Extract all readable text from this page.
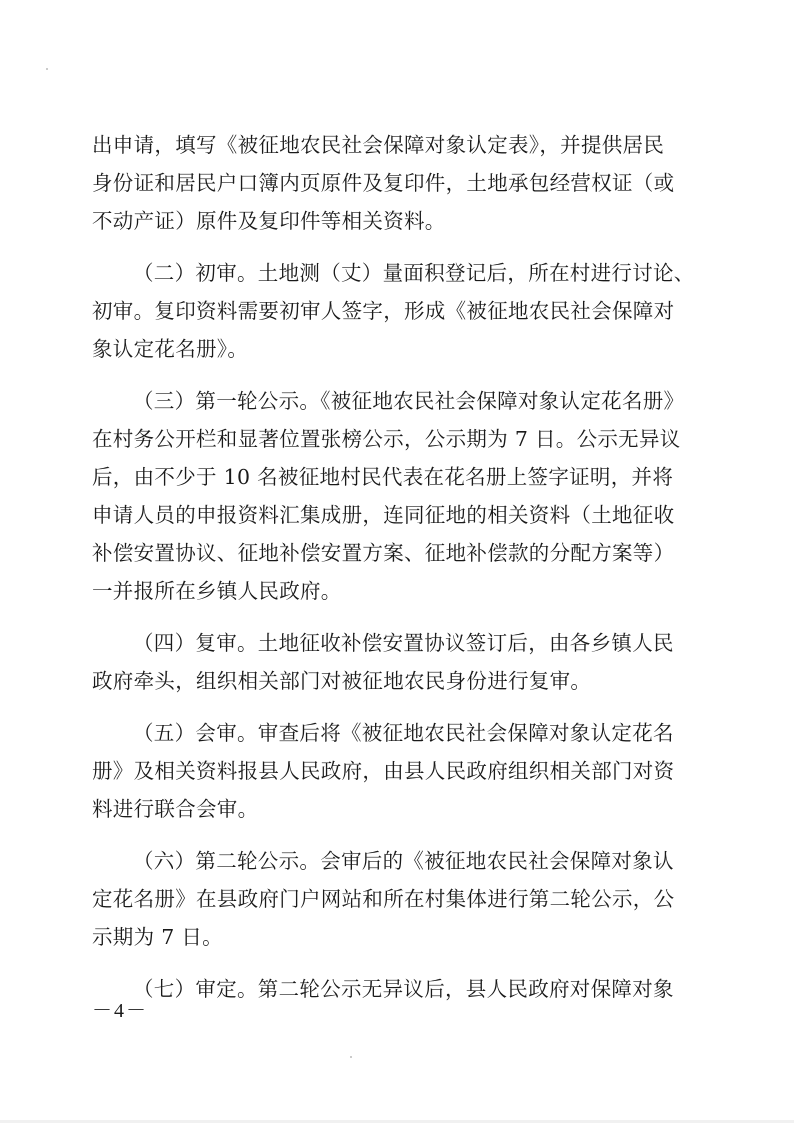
出申请，填写《被征地农民社会保障对象认定表》，并提供居民
身份证和居民户口簿内页原件及复印件，土地承包经营权证（或
不动产证）原件及复印件等相关资料。
（二）初审。土地测（丈）量面积登记后，所在村进行讨论、
初审。复印资料需要初审人签字，形成《被征地农民社会保障对
象认定花名册》。
（三）第一轮公示。《被征地农民社会保障对象认定花名册》
在村务公开栏和显著位置张榜公示，公示期为 7 日。公示无异议
后，由不少于 10 名被征地村民代表在花名册上签字证明，并将
申请人员的申报资料汇集成册，连同征地的相关资料（土地征收
补偿安置协议、征地补偿安置方案、征地补偿款的分配方案等）
一并报所在乡镇人民政府。
（四）复审。土地征收补偿安置协议签订后，由各乡镇人民
政府牵头，组织相关部门对被征地农民身份进行复审。
（五）会审。审查后将《被征地农民社会保障对象认定花名
册》及相关资料报县人民政府，由县人民政府组织相关部门对资
料进行联合会审。
（六）第二轮公示。会审后的《被征地农民社会保障对象认
定花名册》在县政府门户网站和所在村集体进行第二轮公示，公
示期为 7 日。
（七）审定。第二轮公示无异议后，县人民政府对保障对象
－4－
